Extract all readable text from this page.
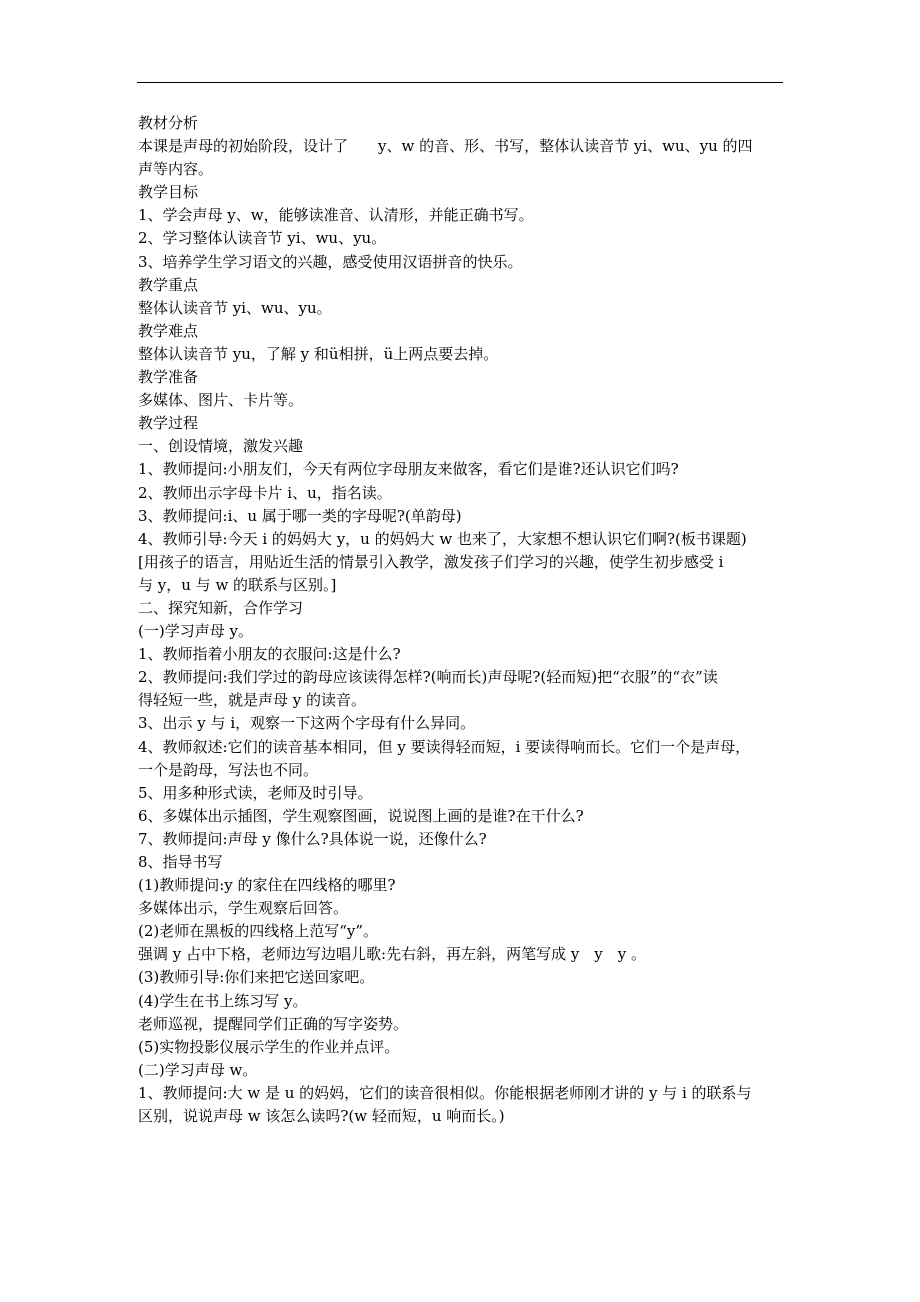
教材分析
本课是声母的初始阶段，设计了　　y、w 的音、形、书写，整体认读音节 yi、wu、yu 的四
声等内容。
教学目标
1、学会声母 y、w，能够读准音、认清形，并能正确书写。
2、学习整体认读音节 yi、wu、yu。
3、培养学生学习语文的兴趣，感受使用汉语拼音的快乐。
教学重点
整体认读音节 yi、wu、yu。
教学难点
整体认读音节 yu，了解 y 和ü相拼，ü上两点要去掉。
教学准备
多媒体、图片、卡片等。
教学过程
一、创设情境，激发兴趣
1、教师提问:小朋友们，今天有两位字母朋友来做客，看它们是谁?还认识它们吗?
2、教师出示字母卡片 i、u，指名读。
3、教师提问:i、u 属于哪一类的字母呢?(单韵母)
4、教师引导:今天 i 的妈妈大 y，u 的妈妈大 w 也来了，大家想不想认识它们啊?(板书课题)
[用孩子的语言，用贴近生活的情景引入教学，激发孩子们学习的兴趣，使学生初步感受 i
与 y，u 与 w 的联系与区别。]
二、探究知新，合作学习
(一)学习声母 y。
1、教师指着小朋友的衣服问:这是什么?
2、教师提问:我们学过的韵母应该读得怎样?(响而长)声母呢?(轻而短)把“衣服”的“衣”读
得轻短一些，就是声母 y 的读音。
3、出示 y 与 i，观察一下这两个字母有什么异同。
4、教师叙述:它们的读音基本相同，但 y 要读得轻而短，i 要读得响而长。它们一个是声母，
一个是韵母，写法也不同。
5、用多种形式读，老师及时引导。
6、多媒体出示插图，学生观察图画，说说图上画的是谁?在干什么?
7、教师提问:声母 y 像什么?具体说一说，还像什么?
8、指导书写
(1)教师提问:y 的家住在四线格的哪里?
多媒体出示，学生观察后回答。
(2)老师在黑板的四线格上范写“y”。
强调 y 占中下格，老师边写边唱儿歌:先右斜，再左斜，两笔写成 y　y　y 。
(3)教师引导:你们来把它送回家吧。
(4)学生在书上练习写 y。
老师巡视，提醒同学们正确的写字姿势。
(5)实物投影仪展示学生的作业并点评。
(二)学习声母 w。
1、教师提问:大 w 是 u 的妈妈，它们的读音很相似。你能根据老师刚才讲的 y 与 i 的联系与
区别，说说声母 w 该怎么读吗?(w 轻而短，u 响而长。)
